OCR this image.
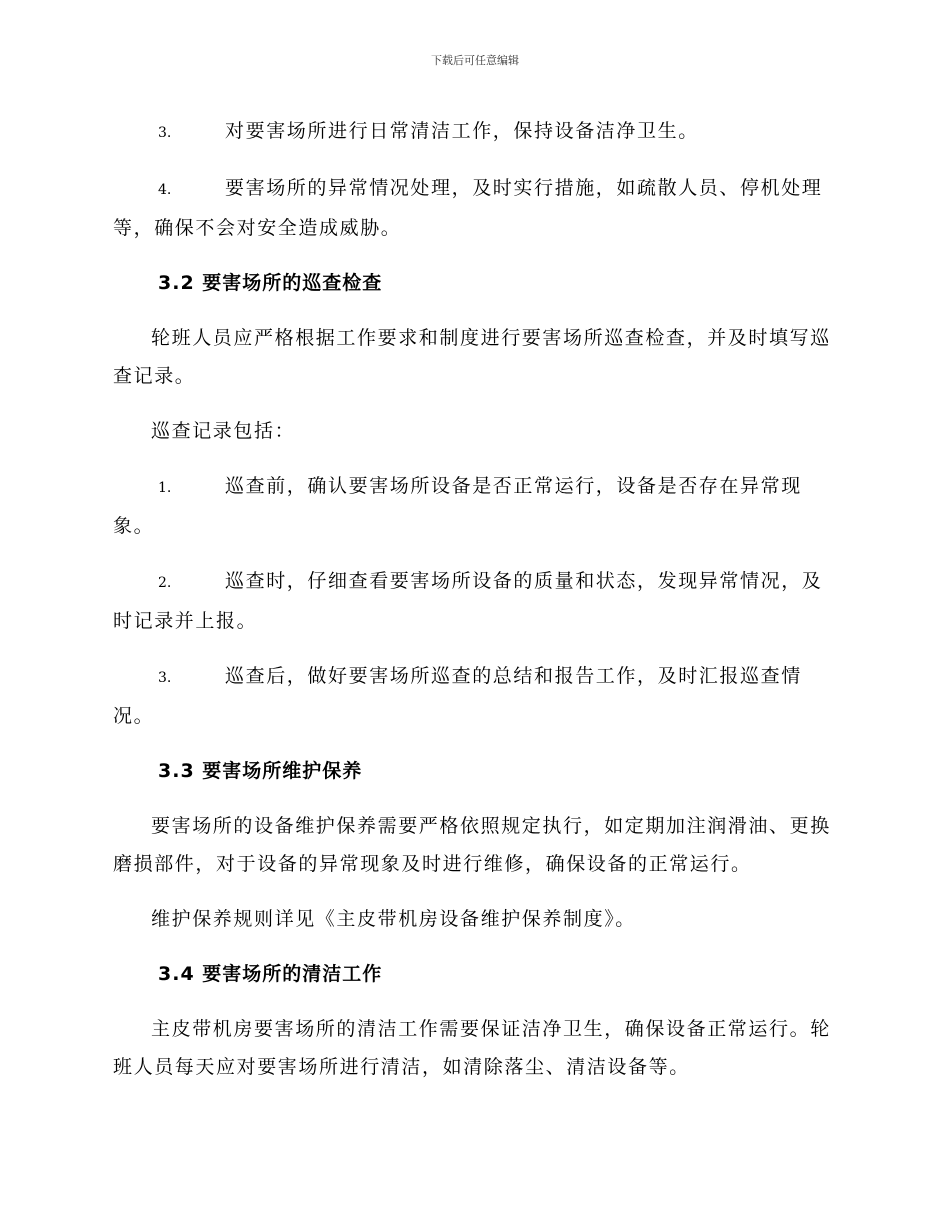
下载后可任意编辑

3.	对要害场所进行日常清洁工作，保持设备洁净卫生。

4.	要害场所的异常情况处理，及时实行措施，如疏散人员、停机处理等，确保不会对安全造成威胁。

3.2 要害场所的巡查检查

轮班人员应严格根据工作要求和制度进行要害场所巡查检查，并及时填写巡查记录。

巡查记录包括：

1.	巡查前，确认要害场所设备是否正常运行，设备是否存在异常现象。

2.	巡查时，仔细查看要害场所设备的质量和状态，发现异常情况，及时记录并上报。

3.	巡查后，做好要害场所巡查的总结和报告工作，及时汇报巡查情况。

3.3 要害场所维护保养

要害场所的设备维护保养需要严格依照规定执行，如定期加注润滑油、更换磨损部件，对于设备的异常现象及时进行维修，确保设备的正常运行。

维护保养规则详见《主皮带机房设备维护保养制度》。

3.4 要害场所的清洁工作

主皮带机房要害场所的清洁工作需要保证洁净卫生，确保设备正常运行。轮班人员每天应对要害场所进行清洁，如清除落尘、清洁设备等。
